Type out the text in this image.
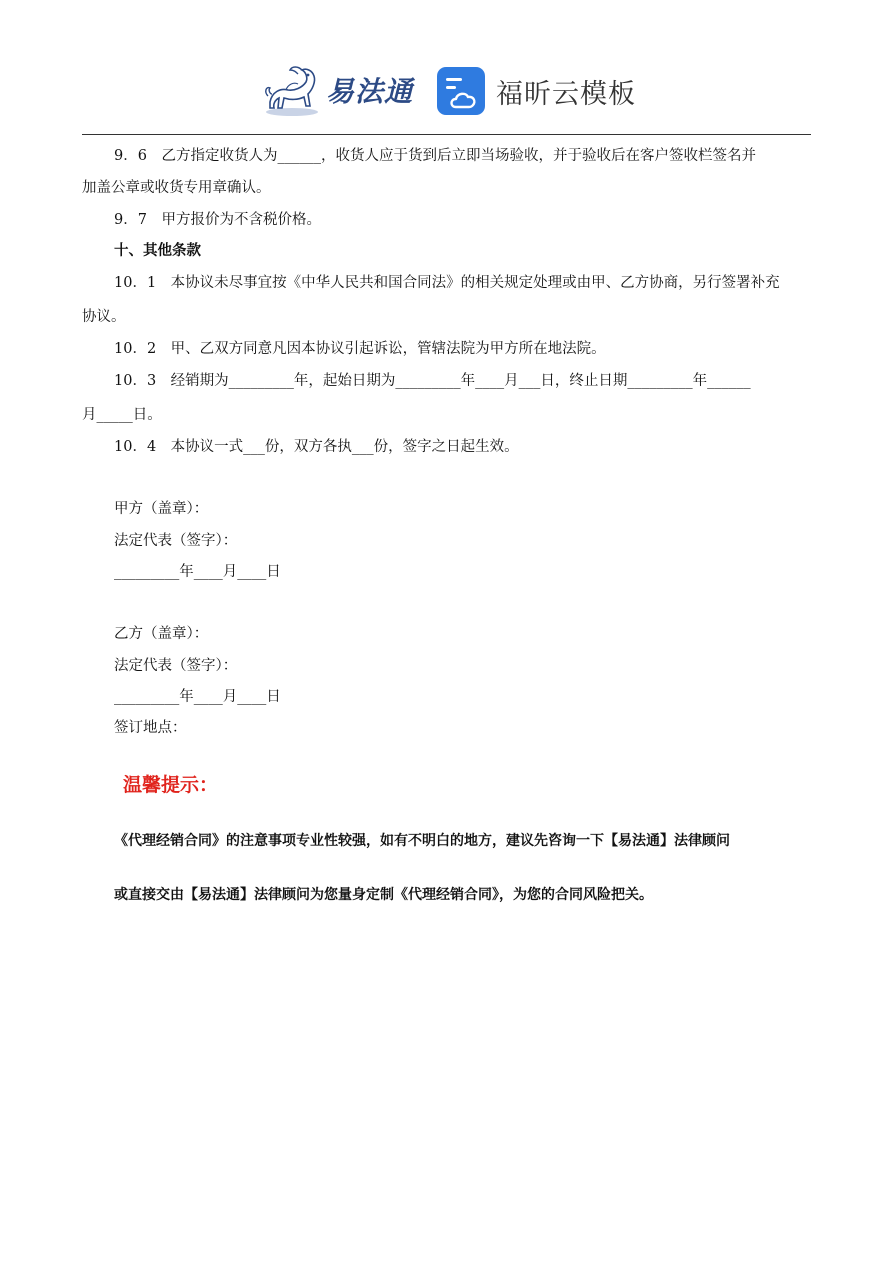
易法通	福昕云模板
9．6　乙方指定收货人为______，收货人应于货到后立即当场验收，并于验收后在客户签收栏签名并
加盖公章或收货专用章确认。
9．7　甲方报价为不含税价格。
十、其他条款
10．1　本协议未尽事宜按《中华人民共和国合同法》的相关规定处理或由甲、乙方协商，另行签署补充
协议。
10．2　甲、乙双方同意凡因本协议引起诉讼，管辖法院为甲方所在地法院。
10．3　经销期为_________年，起始日期为_________年____月___日，终止日期_________年______
月_____日。
10．4　本协议一式___份，双方各执___份，签字之日起生效。
甲方（盖章）：
法定代表（签字）：
_________年____月____日
乙方（盖章）：
法定代表（签字）：
_________年____月____日
签订地点：
温馨提示：
《代理经销合同》的注意事项专业性较强，如有不明白的地方，建议先咨询一下【易法通】法律顾问
或直接交由【易法通】法律顾问为您量身定制《代理经销合同》，为您的合同风险把关。
